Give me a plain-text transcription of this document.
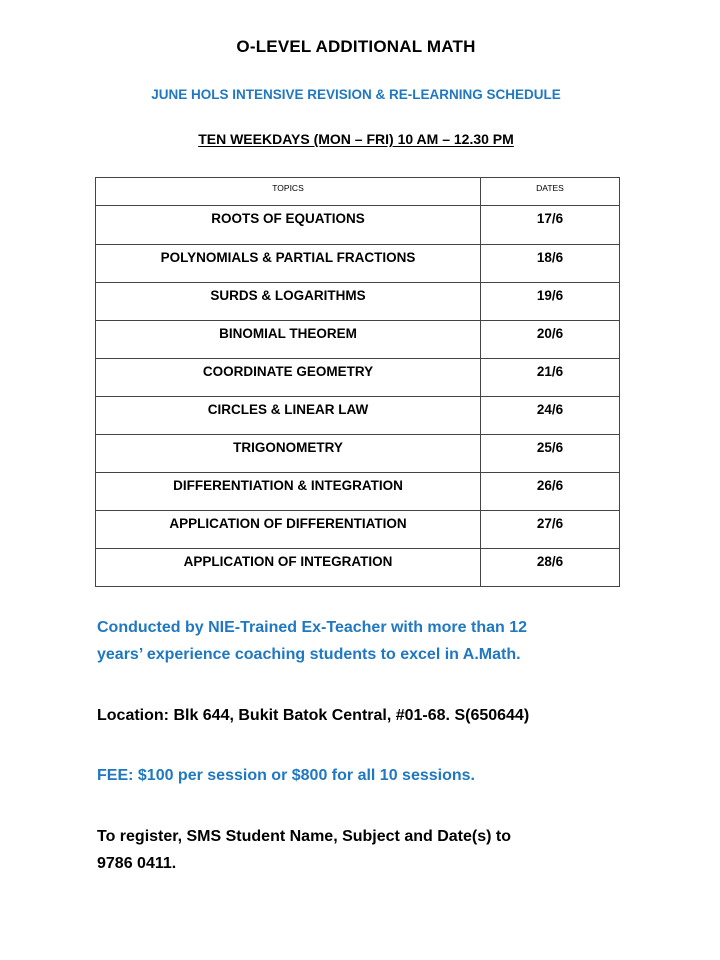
O-LEVEL ADDITIONAL MATH
JUNE HOLS INTENSIVE REVISION & RE-LEARNING SCHEDULE
TEN WEEKDAYS (MON – FRI) 10 AM – 12.30 PM
TOPICS	DATES
ROOTS OF EQUATIONS	17/6
POLYNOMIALS & PARTIAL FRACTIONS	18/6
SURDS & LOGARITHMS	19/6
BINOMIAL THEOREM	20/6
COORDINATE GEOMETRY	21/6
CIRCLES & LINEAR LAW	24/6
TRIGONOMETRY	25/6
DIFFERENTIATION & INTEGRATION	26/6
APPLICATION OF DIFFERENTIATION	27/6
APPLICATION OF INTEGRATION	28/6
Conducted by NIE-Trained Ex-Teacher with more than 12
years’ experience coaching students to excel in A.Math.
Location: Blk 644, Bukit Batok Central, #01-68. S(650644)
FEE: $100 per session or $800 for all 10 sessions.
To register, SMS Student Name, Subject and Date(s) to
9786 0411.
